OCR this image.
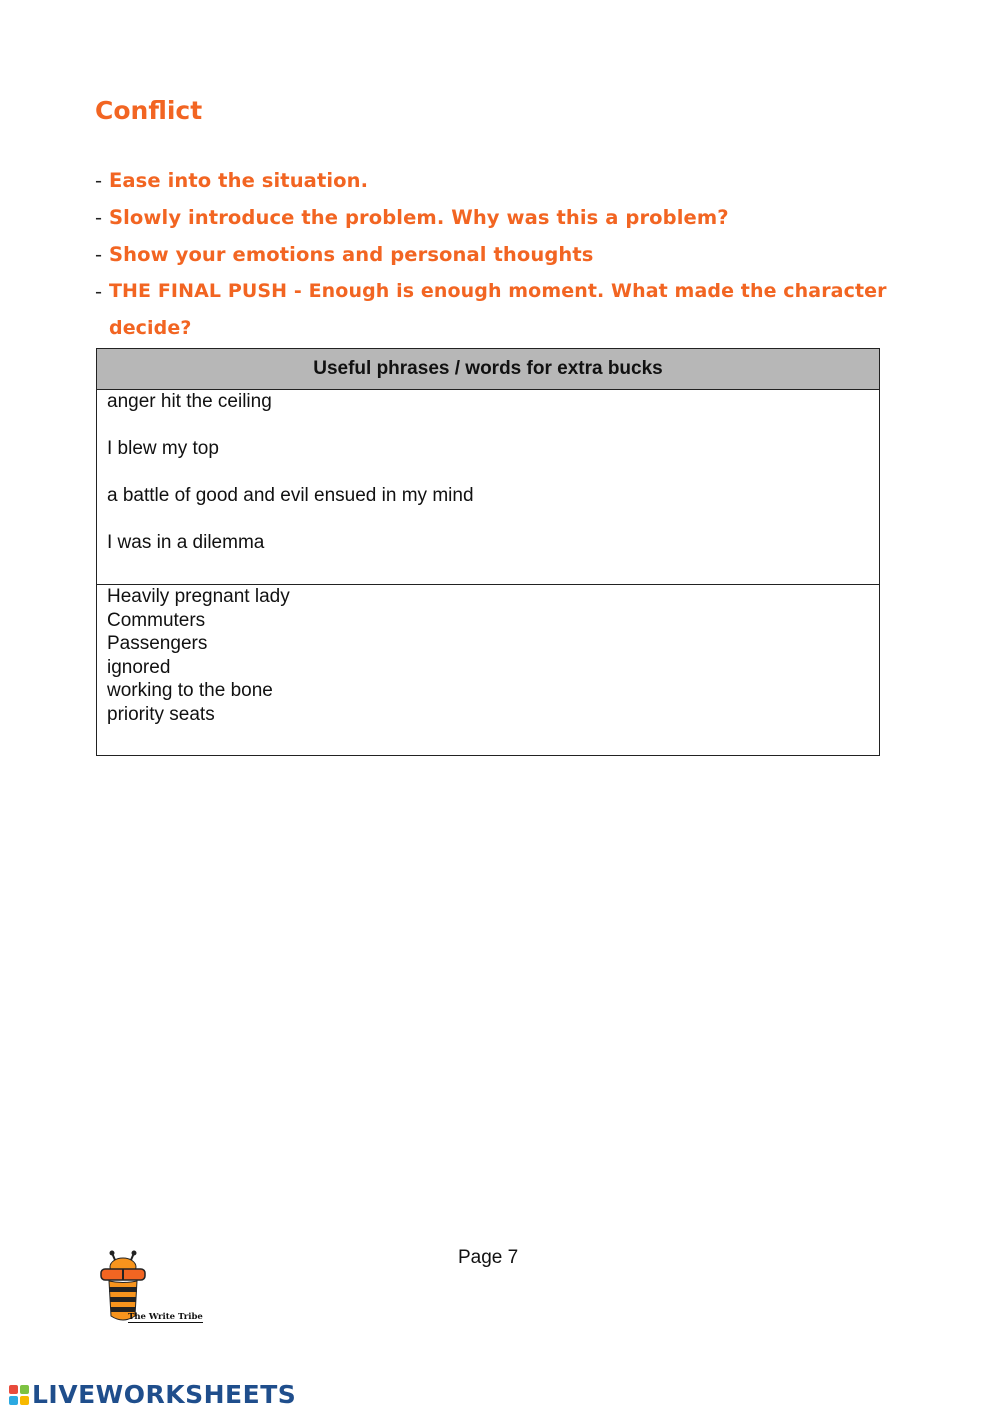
Conflict
- Ease into the situation.
- Slowly introduce the problem. Why was this a problem?
- Show your emotions and personal thoughts
- THE FINAL PUSH - Enough is enough moment. What made the character decide?
Useful phrases / words for extra bucks

anger hit the ceiling

I blew my top

a battle of good and evil ensued in my mind

I was in a dilemma

Heavily pregnant lady
Commuters
Passengers
ignored
working to the bone
priority seats
The Write Tribe
Page 7
LIVEWORKSHEETS
